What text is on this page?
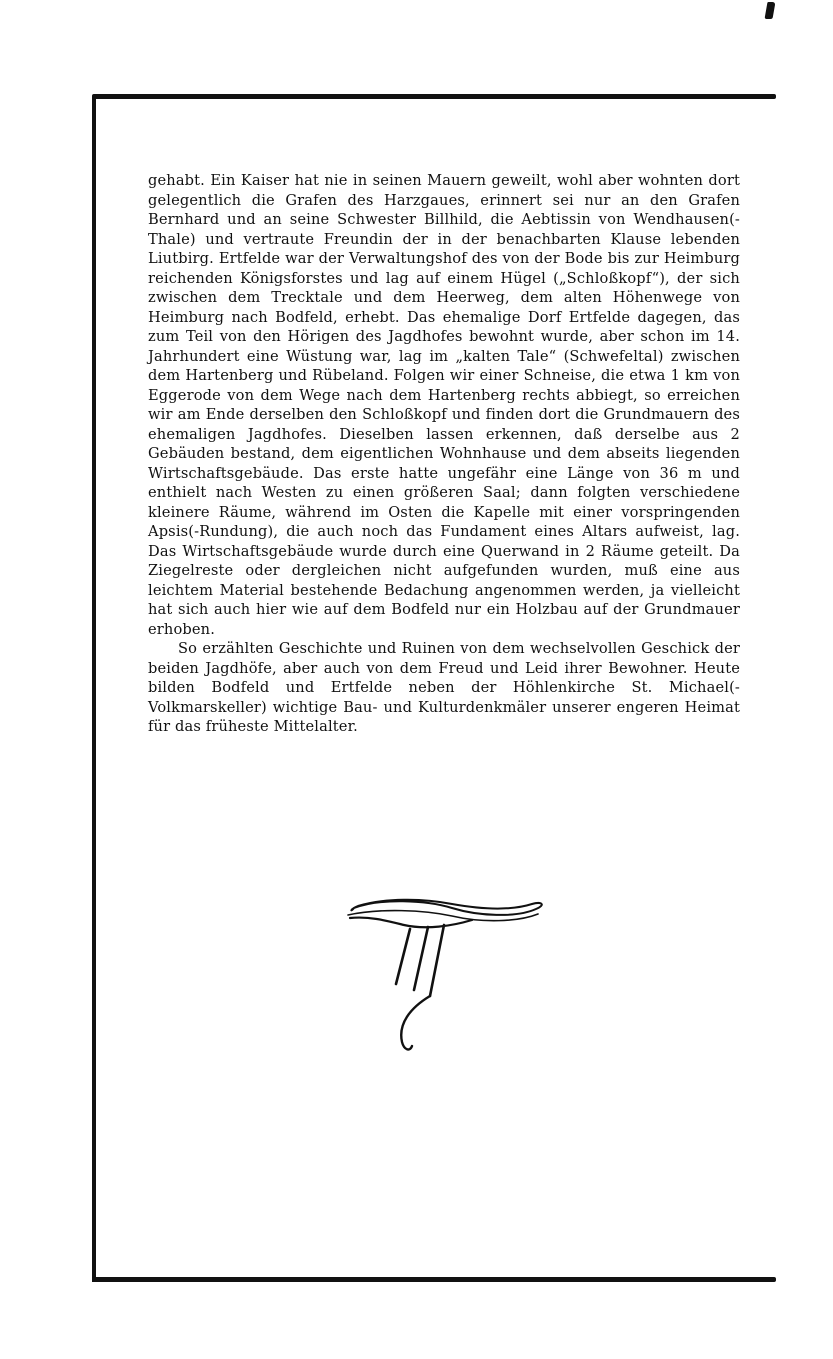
gehabt. Ein Kaiser hat nie in seinen Mauern geweilt, wohl aber wohnten dort gelegentlich die Grafen des Harzgaues, erinnert sei nur an den Grafen Bernhard und an seine Schwester Billhild, die Aebtissin von Wendhausen(-Thale) und vertraute Freundin der in der benachbarten Klause lebenden Liutbirg. Ertfelde war der Verwaltungshof des von der Bode bis zur Heimburg reichenden Königsforstes und lag auf einem Hügel („Schloßkopf“), der sich zwischen dem Trecktale und dem Heerweg, dem alten Höhenwege von Heimburg nach Bodfeld, erhebt. Das ehemalige Dorf Ertfelde dagegen, das zum Teil von den Hörigen des Jagdhofes bewohnt wurde, aber schon im 14. Jahrhundert eine Wüstung war, lag im „kalten Tale“ (Schwefeltal) zwischen dem Hartenberg und Rübeland. Folgen wir einer Schneise, die etwa 1 km von Eggerode von dem Wege nach dem Hartenberg rechts abbiegt, so erreichen wir am Ende derselben den Schloßkopf und finden dort die Grundmauern des ehemaligen Jagdhofes. Dieselben lassen erkennen, daß derselbe aus 2 Gebäuden bestand, dem eigentlichen Wohnhause und dem abseits liegenden Wirtschaftsgebäude. Das erste hatte ungefähr eine Länge von 36 m und enthielt nach Westen zu einen größeren Saal; dann folgten verschiedene kleinere Räume, während im Osten die Kapelle mit einer vorspringenden Apsis(-Rundung), die auch noch das Fundament eines Altars aufweist, lag. Das Wirtschaftsgebäude wurde durch eine Querwand in 2 Räume geteilt. Da Ziegelreste oder dergleichen nicht aufgefunden wurden, muß eine aus leichtem Material bestehende Bedachung angenommen werden, ja vielleicht hat sich auch hier wie auf dem Bodfeld nur ein Holzbau auf der Grundmauer erhoben.

So erzählten Geschichte und Ruinen von dem wechselvollen Geschick der beiden Jagdhöfe, aber auch von dem Freud und Leid ihrer Bewohner. Heute bilden Bodfeld und Ertfelde neben der Höhlenkirche St. Michael(-Volkmarskeller) wichtige Bau- und Kulturdenkmäler unserer engeren Heimat für das früheste Mittelalter.
